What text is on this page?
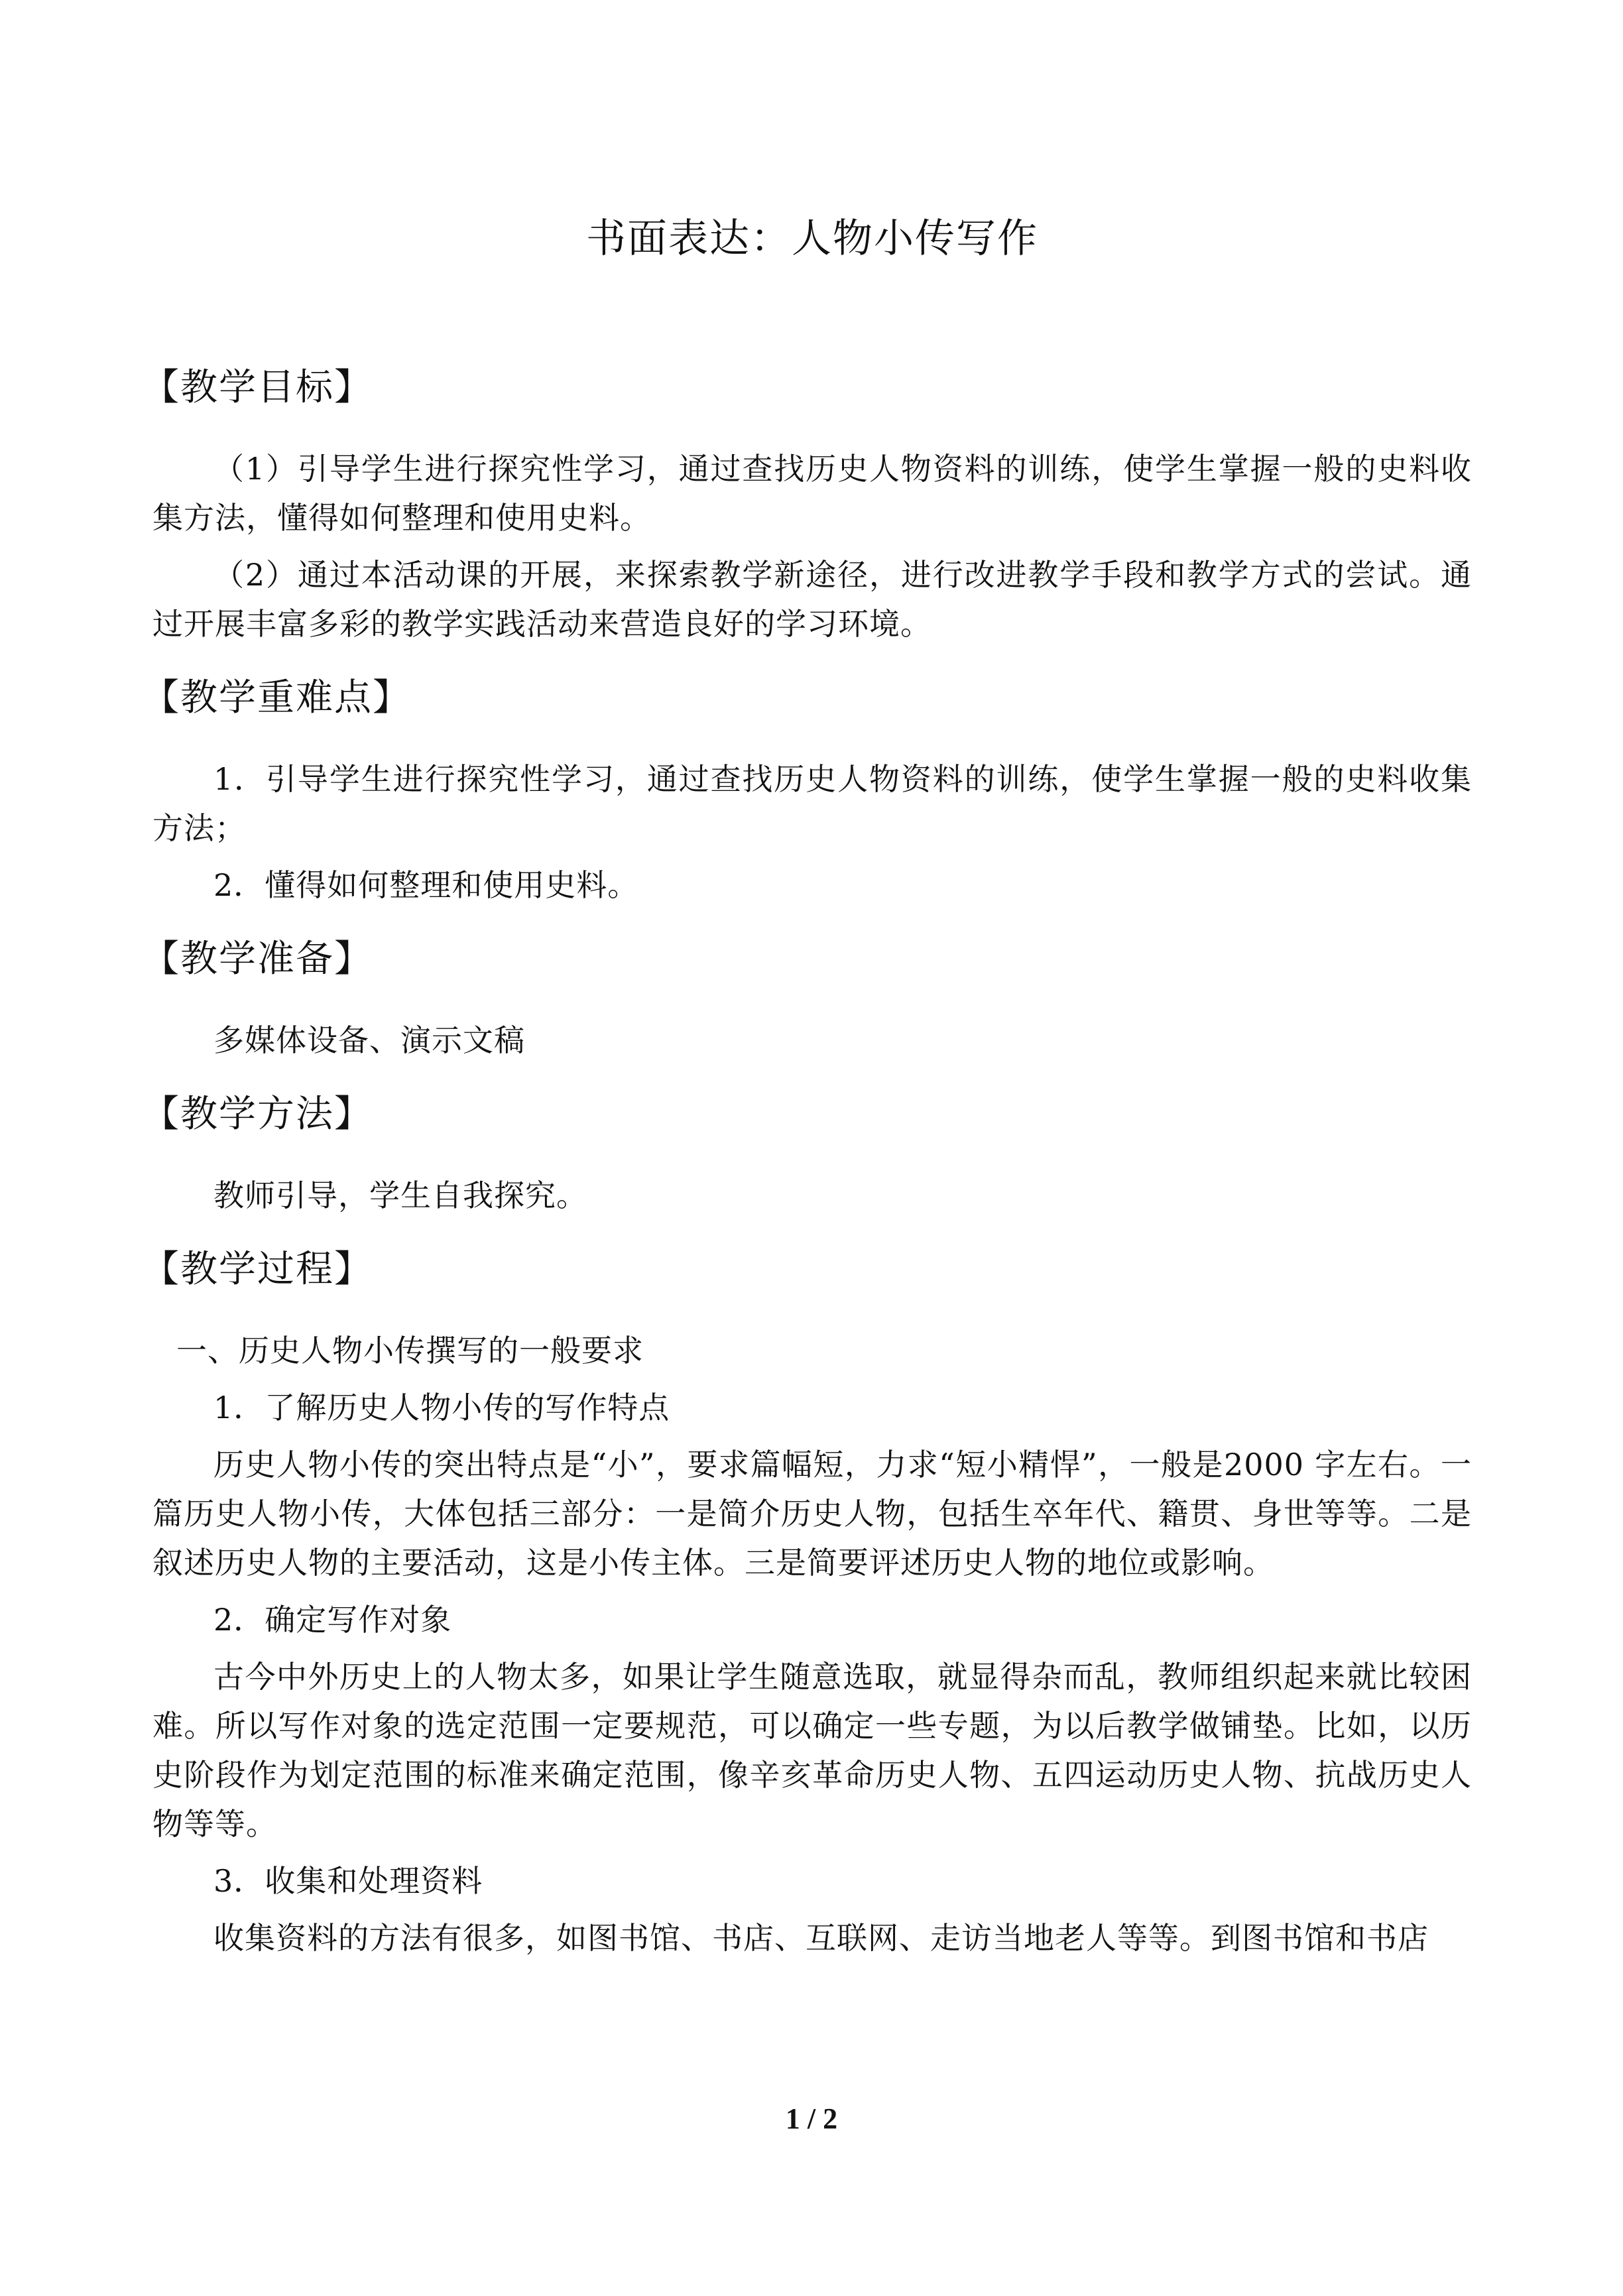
书面表达：人物小传写作
【教学目标】

（1）引导学生进行探究性学习，通过查找历史人物资料的训练，使学生掌握一般的史料收集方法，懂得如何整理和使用史料。

（2）通过本活动课的开展，来探索教学新途径，进行改进教学手段和教学方式的尝试。通过开展丰富多彩的教学实践活动来营造良好的学习环境。

【教学重难点】

1．引导学生进行探究性学习，通过查找历史人物资料的训练，使学生掌握一般的史料收集方法；

2．懂得如何整理和使用史料。

【教学准备】

多媒体设备、演示文稿

【教学方法】

教师引导，学生自我探究。

【教学过程】

一、历史人物小传撰写的一般要求

1．了解历史人物小传的写作特点

历史人物小传的突出特点是“小”，要求篇幅短，力求“短小精悍”，一般是2000 字左右。一篇历史人物小传，大体包括三部分：一是简介历史人物，包括生卒年代、籍贯、身世等等。二是叙述历史人物的主要活动，这是小传主体。三是简要评述历史人物的地位或影响。

2．确定写作对象

古今中外历史上的人物太多，如果让学生随意选取，就显得杂而乱，教师组织起来就比较困难。所以写作对象的选定范围一定要规范，可以确定一些专题，为以后教学做铺垫。比如，以历史阶段作为划定范围的标准来确定范围，像辛亥革命历史人物、五四运动历史人物、抗战历史人物等等。

3．收集和处理资料

收集资料的方法有很多，如图书馆、书店、互联网、走访当地老人等等。到图书馆和书店

1 / 2
